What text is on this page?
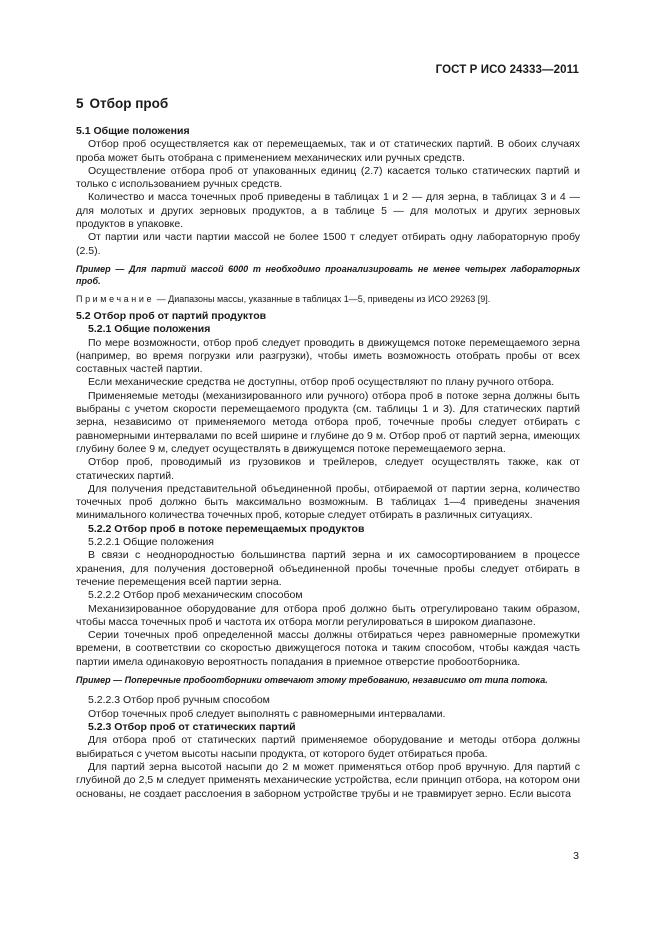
ГОСТ Р ИСО 24333—2011
5 Отбор проб
5.1 Общие положения

Отбор проб осуществляется как от перемещаемых, так и от статических партий. В обоих случаях проба может быть отобрана с применением механических или ручных средств.

Осуществление отбора проб от упакованных единиц (2.7) касается только статических партий и только с использованием ручных средств.

Количество и масса точечных проб приведены в таблицах 1 и 2 — для зерна, в таблицах 3 и 4 — для молотых и других зерновых продуктов, а в таблице 5 — для молотых и других зерновых продуктов в упаковке.

От партии или части партии массой не более 1500 т следует отбирать одну лабораторную пробу (2.5).

Пример — Для партий массой 6000 т необходимо проанализировать не менее четырех лабораторных проб.

Примечание — Диапазоны массы, указанные в таблицах 1—5, приведены из ИСО 29263 [9].

5.2 Отбор проб от партий продуктов
5.2.1 Общие положения

По мере возможности, отбор проб следует проводить в движущемся потоке перемещаемого зерна (например, во время погрузки или разгрузки), чтобы иметь возможность отобрать пробы от всех составных частей партии.

Если механические средства не доступны, отбор проб осуществляют по плану ручного отбора.

Применяемые методы (механизированного или ручного) отбора проб в потоке зерна должны быть выбраны с учетом скорости перемещаемого продукта (см. таблицы 1 и 3). Для статических партий зерна, независимо от применяемого метода отбора проб, точечные пробы следует отбирать с равномерными интервалами по всей ширине и глубине до 9 м. Отбор проб от партий зерна, имеющих глубину более 9 м, следует осуществлять в движущемся потоке перемещаемого зерна.

Отбор проб, проводимый из грузовиков и трейлеров, следует осуществлять также, как от статических партий.

Для получения представительной объединенной пробы, отбираемой от партии зерна, количество точечных проб должно быть максимально возможным. В таблицах 1—4 приведены значения минимального количества точечных проб, которые следует отбирать в различных ситуациях.

5.2.2 Отбор проб в потоке перемещаемых продуктов
5.2.2.1 Общие положения

В связи с неоднородностью большинства партий зерна и их самосортированием в процессе хранения, для получения достоверной объединенной пробы точечные пробы следует отбирать в течение перемещения всей партии зерна.

5.2.2.2 Отбор проб механическим способом

Механизированное оборудование для отбора проб должно быть отрегулировано таким образом, чтобы масса точечных проб и частота их отбора могли регулироваться в широком диапазоне.

Серии точечных проб определенной массы должны отбираться через равномерные промежутки времени, в соответствии со скоростью движущегося потока и таким способом, чтобы каждая часть партии имела одинаковую вероятность попадания в приемное отверстие пробоотборника.

Пример — Поперечные пробоотборники отвечают этому требованию, независимо от типа потока.

5.2.2.3 Отбор проб ручным способом

Отбор точечных проб следует выполнять с равномерными интервалами.

5.2.3 Отбор проб от статических партий

Для отбора проб от статических партий применяемое оборудование и методы отбора должны выбираться с учетом высоты насыпи продукта, от которого будет отбираться проба.

Для партий зерна высотой насыпи до 2 м может применяться отбор проб вручную. Для партий с глубиной до 2,5 м следует применять механические устройства, если принцип отбора, на котором они основаны, не создает расслоения в заборном устройстве трубы и не травмирует зерно. Если высота

3
